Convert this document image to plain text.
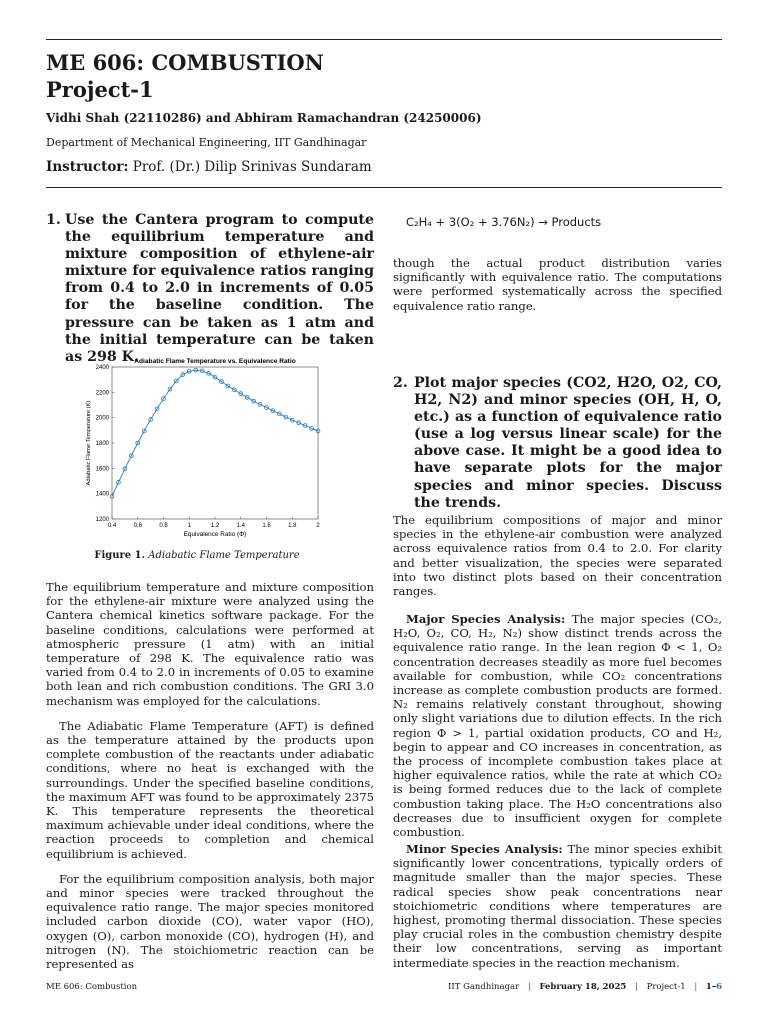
ME 606: COMBUSTION
Project-1
Vidhi Shah (22110286) and Abhiram Ramachandran (24250006)
Department of Mechanical Engineering, IIT Gandhinagar
Instructor: Prof. (Dr.) Dilip Srinivas Sundaram
1. Use the Cantera program to compute the equilibrium temperature and mixture composition of ethylene-air mixture for equivalence ratios ranging from 0.4 to 2.0 in increments of 0.05 for the baseline condition. The pressure can be taken as 1 atm and the initial temperature can be taken as 298 K.
Adiabatic Flame Temperature vs. Equivalence Ratio
0.4	0.6	0.8	1	1.2	1.4	1.6	1.8	2
1200
1400
1600
1800
2000
2200
2400
Equivalence Ratio (Φ)
Adiabatic Flame Temperature (K)
Figure 1. Adiabatic Flame Temperature

The equilibrium temperature and mixture composition for the ethylene-air mixture were analyzed using the Cantera chemical kinetics software package. For the baseline conditions, calculations were performed at atmospheric pressure (1 atm) with an initial temperature of 298 K. The equivalence ratio was varied from 0.4 to 2.0 in increments of 0.05 to examine both lean and rich combustion conditions. The GRI 3.0 mechanism was employed for the calculations.

The Adiabatic Flame Temperature (AFT) is defined as the temperature attained by the products upon complete combustion of the reactants under adiabatic conditions, where no heat is exchanged with the surroundings. Under the specified baseline conditions, the maximum AFT was found to be approximately 2375 K. This temperature represents the theoretical maximum achievable under ideal conditions, where the reaction proceeds to completion and chemical equilibrium is achieved.

For the equilibrium composition analysis, both major and minor species were tracked throughout the equivalence ratio range. The major species monitored included carbon dioxide (CO), water vapor (HO), oxygen (O), carbon monoxide (CO), hydrogen (H), and nitrogen (N). The stoichiometric reaction can be represented as

C₂H₄ + 3(O₂ + 3.76N₂) → Products
though the actual product distribution varies significantly with equivalence ratio. The computations were performed systematically across the specified equivalence ratio range.
2. Plot major species (CO2, H2O, O2, CO, H2, N2) and minor species (OH, H, O, etc.) as a function of equivalence ratio (use a log versus linear scale) for the above case. It might be a good idea to have separate plots for the major species and minor species. Discuss the trends.
The equilibrium compositions of major and minor species in the ethylene-air combustion were analyzed across equivalence ratios from 0.4 to 2.0. For clarity and better visualization, the species were separated into two distinct plots based on their concentration ranges.

Major Species Analysis: The major species (CO₂, H₂O, O₂, CO, H₂, N₂) show distinct trends across the equivalence ratio range. In the lean region Φ < 1, O₂ concentration decreases steadily as more fuel becomes available for combustion, while CO₂ concentrations increase as complete combustion products are formed. N₂ remains relatively constant throughout, showing only slight variations due to dilution effects. In the rich region Φ > 1, partial oxidation products, CO and H₂, begin to appear and CO increases in concentration, as the process of incomplete combustion takes place at higher equivalence ratios, while the rate at which CO₂ is being formed reduces due to the lack of complete combustion taking place. The H₂O concentrations also decreases due to insufficient oxygen for complete combustion.

Minor Species Analysis: The minor species exhibit significantly lower concentrations, typically orders of magnitude smaller than the major species. These radical species show peak concentrations near stoichiometric conditions where temperatures are highest, promoting thermal dissociation. These species play crucial roles in the combustion chemistry despite their low concentrations, serving as important intermediate species in the reaction mechanism.

ME 606: Combustion	IIT Gandhinagar | February 18, 2025 | Project-1 | 1–6
